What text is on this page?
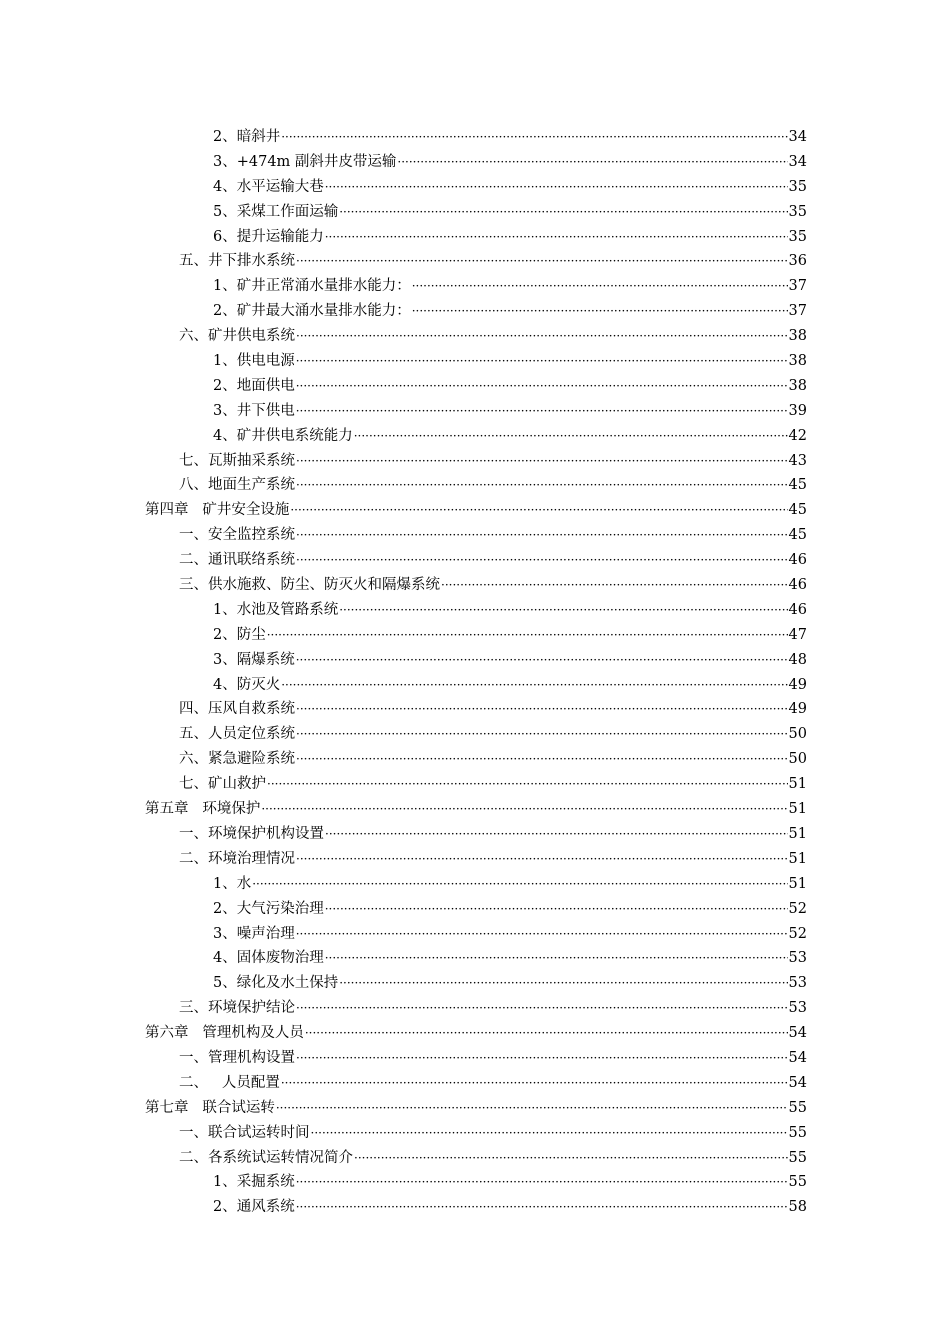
2、暗斜井 ·····	34
3、+474m 副斜井皮带运输 ·····	34
4、水平运输大巷 ·····	35
5、采煤工作面运输 ·····	35
6、提升运输能力 ·····	35
五、井下排水系统 ·····	36
1、矿井正常涌水量排水能力： ·····	37
2、矿井最大涌水量排水能力： ·····	37
六、矿井供电系统 ·····	38
1、供电电源 ·····	38
2、地面供电 ·····	38
3、井下供电 ·····	39
4、矿井供电系统能力 ·····	42
七、瓦斯抽采系统 ·····	43
八、地面生产系统 ·····	45
第四章   矿井安全设施 ·····	45
一、安全监控系统 ·····	45
二、通讯联络系统 ·····	46
三、供水施救、防尘、防灭火和隔爆系统 ·····	46
1、水池及管路系统 ·····	46
2、防尘 ·····	47
3、隔爆系统 ·····	48
4、防灭火 ·····	49
四、压风自救系统 ·····	49
五、人员定位系统 ·····	50
六、紧急避险系统 ·····	50
七、矿山救护 ·····	51
第五章   环境保护 ·····	51
一、环境保护机构设置 ·····	51
二、环境治理情况 ·····	51
1、水 ·····	51
2、大气污染治理 ·····	52
3、噪声治理 ·····	52
4、固体废物治理 ·····	53
5、绿化及水土保持 ·····	53
三、环境保护结论 ·····	53
第六章   管理机构及人员 ·····	54
一、管理机构设置 ·····	54
二、   人员配置 ·····	54
第七章   联合试运转 ·····	55
一、联合试运转时间 ·····	55
二、各系统试运转情况简介 ·····	55
1、采掘系统 ·····	55
2、通风系统 ·····	58
